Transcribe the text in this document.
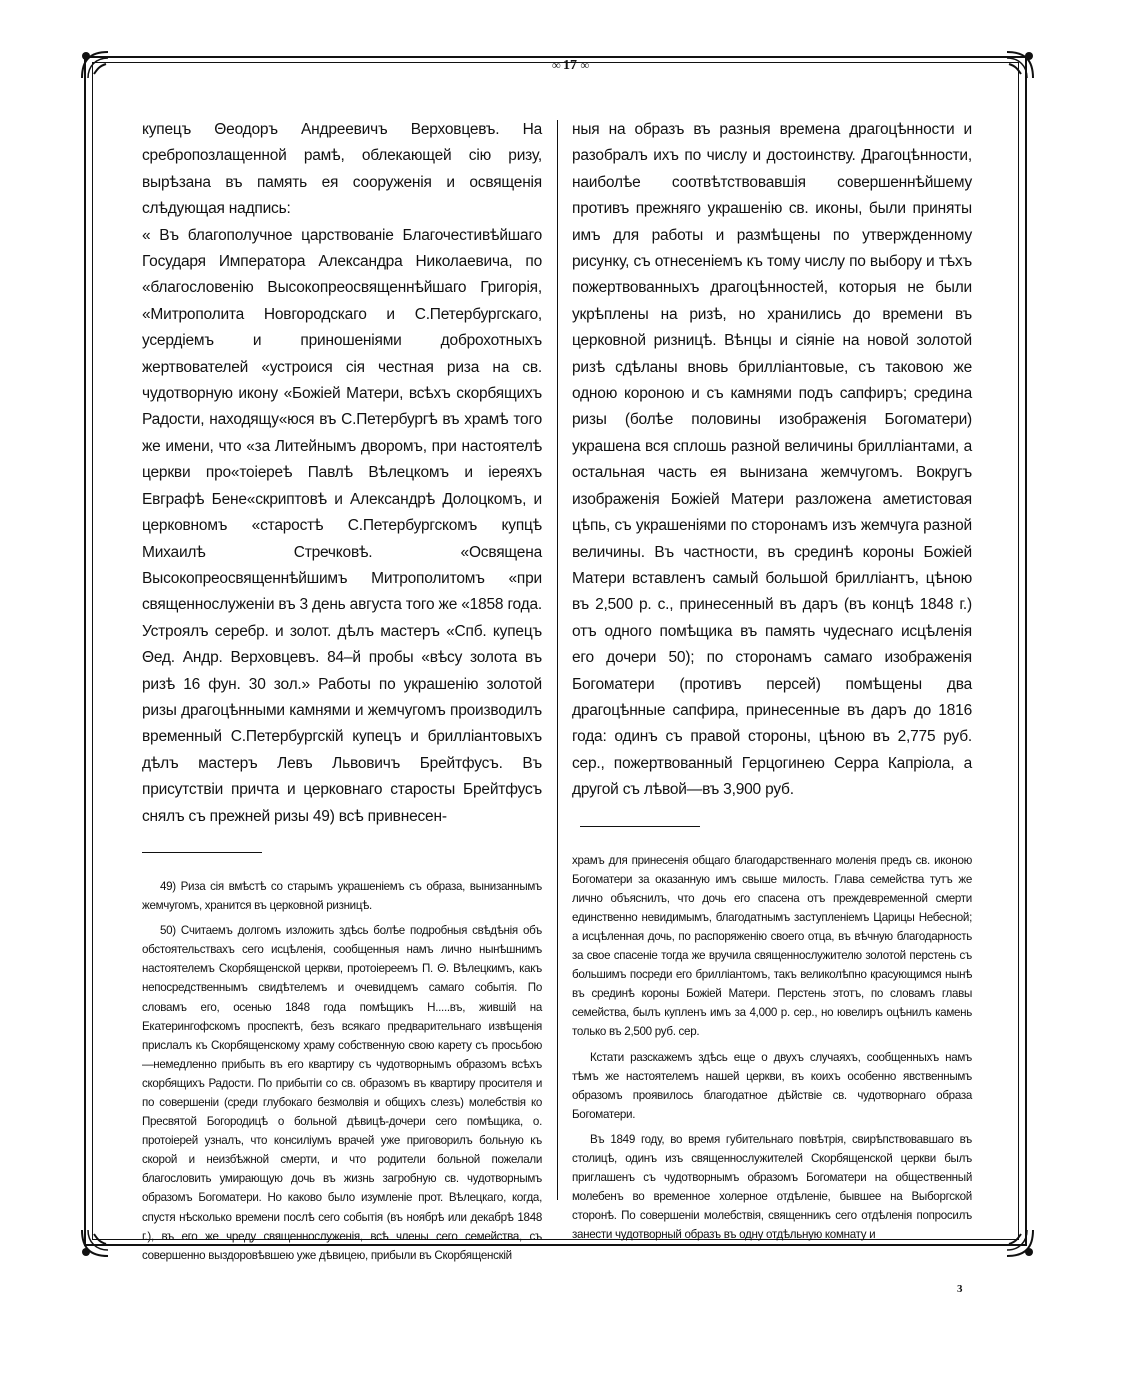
∞ 17 ∞

купецъ Θеодоръ Андреевичъ Верховцевъ. На сребропозлащенной рамѣ, облекающей сію ризу, вырѣзана въ память ея сооруженія и освященія слѣдующая надпись:

« Въ благополучное царствованіе Благочестивѣйшаго Государя Императора Александра Николаевича, по «благословенію Высокопреосвященнѣйшаго Григорія, «Митрополита Новгородскаго и С.Петербургскаго, усердіемъ и приношеніями доброхотныхъ жертвователей «устроися сія честная риза на св. чудотворную икону «Божіей Матери, всѣхъ скорбящихъ Радости, находящу«юся въ С.Петербургѣ въ храмѣ того же имени, что «за Литейнымъ дворомъ, при настоятелѣ церкви про«тоіереѣ Павлѣ Вѣлецкомъ и іереяхъ Евграфѣ Бене«скриптовѣ и Александрѣ Долоцкомъ, и церковномъ «старостѣ С.Петербургскомъ купцѣ Михаилѣ Стречковѣ. «Освящена Высокопреосвященнѣйшимъ Митрополитомъ «при священнослуженіи въ 3 день августа того же «1858 года. Устроялъ серебр. и золот. дѣлъ мастеръ «Спб. купецъ Θед. Андр. Верховцевъ. 84–й пробы «вѣсу золота въ ризѣ 16 фун. 30 зол.» Работы по украшенію золотой ризы драгоцѣнными камнями и жемчугомъ производилъ временный С.Петербургскій купецъ и бриллiантовыхъ дѣлъ мастеръ Левъ Львовичъ Брейтфусъ. Въ присутствіи причта и церковнаго старосты Брейтфусъ снялъ съ прежней ризы 49) всѣ привнесен-

49) Риза сія вмѣстѣ со старымъ украшеніемъ съ образа, вынизаннымъ жемчугомъ, хранится въ церковной ризницѣ.

50) Считаемъ долгомъ изложить здѣсь болѣе подробныя свѣдѣнія объ обстоятельствахъ сего исцѣленія, сообщенныя намъ лично нынѣшнимъ настоятелемъ Скорбященской церкви, протоіереемъ П. Θ. Вѣлецкимъ, какъ непосредственнымъ свидѣтелемъ и очевидцемъ самаго событія. По словамъ его, осенью 1848 года помѣщикъ Н.....въ, жившій на Екатерингофскомъ проспектѣ, безъ всякаго предварительнаго извѣщенія прислалъ къ Скорбященскому храму собственную свою карету съ просьбою—немедленно прибыть въ его квартиру съ чудотворнымъ образомъ всѣхъ скорбящихъ Радости. По прибытіи со св. образомъ въ квартиру просителя и по совершеніи (среди глубокаго безмолвія и общихъ слезъ) молебствія ко Пресвятой Богородицѣ о больной дѣвицѣ-дочери сего помѣщика, о. протоіерей узналъ, что консиліумъ врачей уже приговорилъ больную къ скорой и неизбѣжной смерти, и что родители больной пожелали благословить умирающую дочь въ жизнь загробную св. чудотворнымъ образомъ Богоматери. Но каково было изумленіе прот. Вѣлецкаго, когда, спустя нѣсколько времени послѣ сего событія (въ ноябрѣ или декабрѣ 1848 г.), въ его же чреду священнослуженія, всѣ члены сего семейства, съ совершенно выздоровѣвшею уже дѣвицею, прибыли въ Скорбященскій

ныя на образъ въ разныя времена драгоцѣнности и разобралъ ихъ по числу и достоинству. Драгоцѣнности, наиболѣе соотвѣтствовавшія совершеннѣйшему противъ прежняго украшенію св. иконы, были приняты имъ для работы и размѣщены по утвержденному рисунку, съ отнесеніемъ къ тому числу по выбору и тѣхъ пожертвованныхъ драгоцѣнностей, которыя не были укрѣплены на ризѣ, но хранились до времени въ церковной ризницѣ. Вѣнцы и сіяніе на новой золотой ризѣ сдѣланы вновь бриллiантовые, съ таковою же одною короною и съ камнями подъ сапфиръ; средина ризы (болѣе половины изображенія Богоматери) украшена вся сплошь разной величины бриллiантами, а остальная часть ея вынизана жемчугомъ. Вокругъ изображенія Божіей Матери разложена аметистовая цѣпь, съ украшеніями по сторонамъ изъ жемчуга разной величины. Въ частности, въ срединѣ короны Божіей Матери вставленъ самый большой бриллiантъ, цѣною въ 2,500 р. с., принесенный въ даръ (въ концѣ 1848 г.) отъ одного помѣщика въ память чудеснаго исцѣленія его дочери 50); по сторонамъ самаго изображенія Богоматери (противъ персей) помѣщены два драгоцѣнные сапфира, принесенные въ даръ до 1816 года: одинъ съ правой стороны, цѣною въ 2,775 руб. сер., пожертвованный Герцогинею Серра Капріола, а другой съ лѣвой—въ 3,900 руб.

храмъ для принесенія общаго благодарственнаго моленія предъ св. иконою Богоматери за оказанную имъ свыше милость. Глава семейства тутъ же лично объяснилъ, что дочь его спасена отъ преждевременной смерти единственно невидимымъ, благодатнымъ заступленіемъ Царицы Небесной; а исцѣленная дочь, по распоряженію своего отца, въ вѣчную благодарность за свое спасеніе тогда же вручила священнослужителю золотой перстень съ большимъ посреди его бриллiантомъ, такъ великолѣпно красующимся нынѣ въ срединѣ короны Божіей Матери. Перстень этотъ, по словамъ главы семейства, былъ купленъ имъ за 4,000 р. сер., но ювелиръ оцѣнилъ камень только въ 2,500 руб. сер.

Кстати разскажемъ здѣсь еще о двухъ случаяхъ, сообщенныхъ намъ тѣмъ же настоятелемъ нашей церкви, въ коихъ особенно явственнымъ образомъ проявилось благодатное дѣйствіе св. чудотворнаго образа Богоматери.

Въ 1849 году, во время губительнаго повѣтрія, свирѣпствовавшаго въ столицѣ, одинъ изъ священнослужителей Скорбященской церкви былъ приглашенъ съ чудотворнымъ образомъ Богоматери на общественный молебенъ во временное холерное отдѣленіе, бывшее на Выборгской сторонѣ. По совершеніи молебствія, священникъ сего отдѣленія попросилъ занести чудотворный образъ въ одну отдѣльную комнату и

3
